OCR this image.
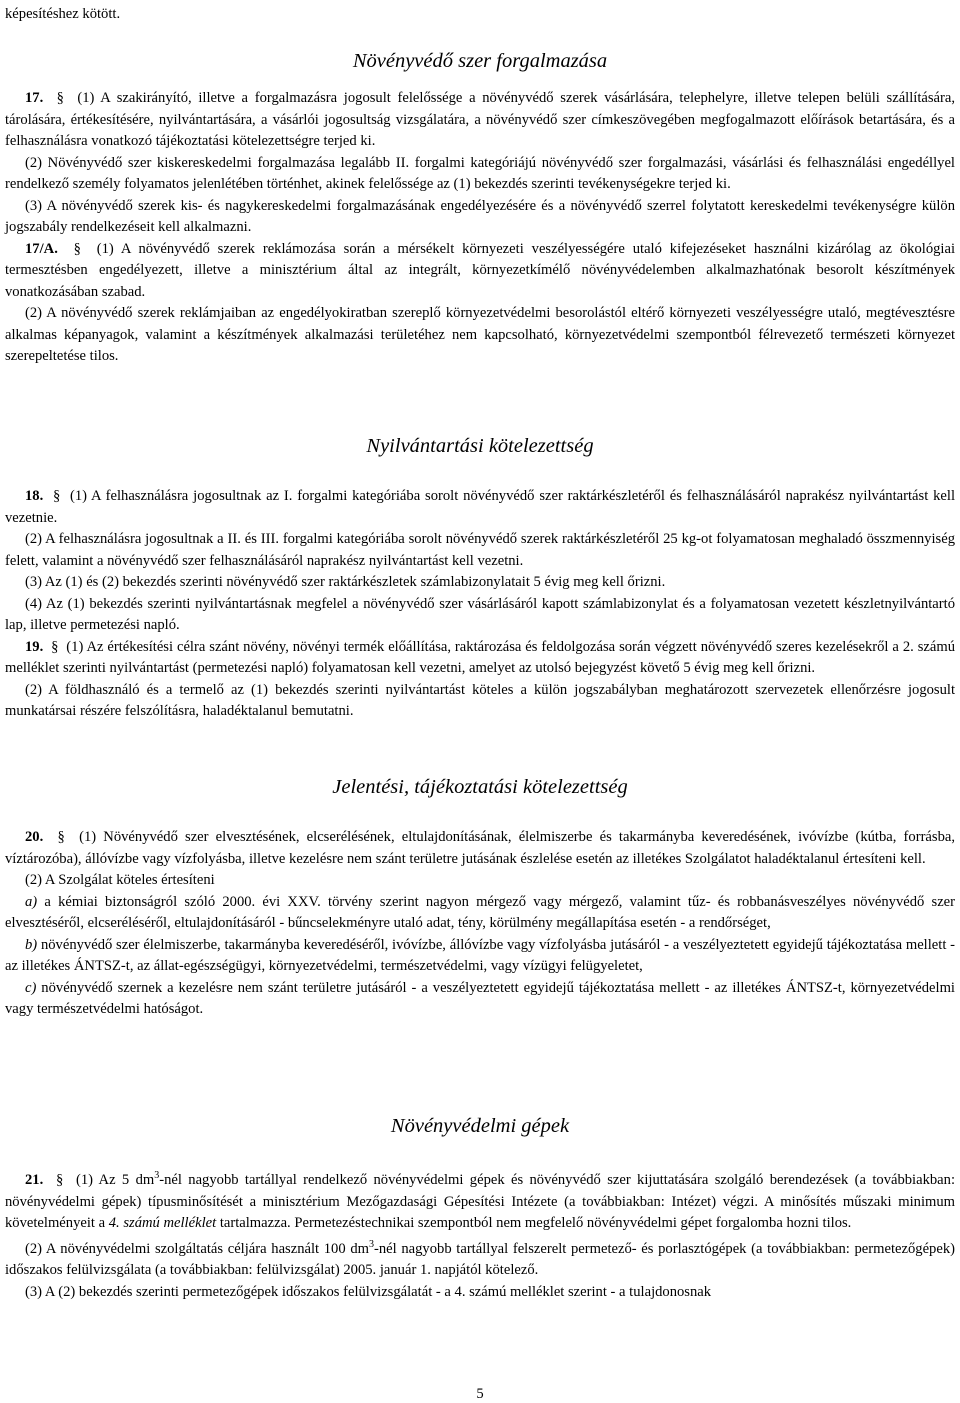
képesítéshez kötött.
Növényvédő szer forgalmazása
17. § (1) A szakirányító, illetve a forgalmazásra jogosult felelőssége a növényvédő szerek vásárlására, telephelyre, illetve telepen belüli szállítására, tárolására, értékesítésére, nyilvántartására, a vásárlói jogosultság vizsgálatára, a növényvédő szer címkeszövegében megfogalmazott előírások betartására, és a felhasználásra vonatkozó tájékoztatási kötelezettségre terjed ki.
(2) Növényvédő szer kiskereskedelmi forgalmazása legalább II. forgalmi kategóriájú növényvédő szer forgalmazási, vásárlási és felhasználási engedéllyel rendelkező személy folyamatos jelenlétében történhet, akinek felelőssége az (1) bekezdés szerinti tevékenységekre terjed ki.
(3) A növényvédő szerek kis- és nagykereskedelmi forgalmazásának engedélyezésére és a növényvédő szerrel folytatott kereskedelmi tevékenységre külön jogszabály rendelkezéseit kell alkalmazni.
17/A. § (1) A növényvédő szerek reklámozása során a mérsékelt környezeti veszélyességére utaló kifejezéseket használni kizárólag az ökológiai termesztésben engedélyezett, illetve a minisztérium által az integrált, környezetkímélő növényvédelemben alkalmazhatónak besorolt készítmények vonatkozásában szabad.
(2) A növényvédő szerek reklámjaiban az engedélyokiratban szereplő környezetvédelmi besorolástól eltérő környezeti veszélyességre utaló, megtévesztésre alkalmas képanyagok, valamint a készítmények alkalmazási területéhez nem kapcsolható, környezetvédelmi szempontból félrevezető természeti környezet szerepeltetése tilos.
Nyilvántartási kötelezettség
18. § (1) A felhasználásra jogosultnak az I. forgalmi kategóriába sorolt növényvédő szer raktárkészletéről és felhasználásáról naprakész nyilvántartást kell vezetnie.
(2) A felhasználásra jogosultnak a II. és III. forgalmi kategóriába sorolt növényvédő szerek raktárkészletéről 25 kg-ot folyamatosan meghaladó összmennyiség felett, valamint a növényvédő szer felhasználásáról naprakész nyilvántartást kell vezetni.
(3) Az (1) és (2) bekezdés szerinti növényvédő szer raktárkészletek számlabizonylatait 5 évig meg kell őrizni.
(4) Az (1) bekezdés szerinti nyilvántartásnak megfelel a növényvédő szer vásárlásáról kapott számlabizonylat és a folyamatosan vezetett készletnyilvántartó lap, illetve permetezési napló.
19. § (1) Az értékesítési célra szánt növény, növényi termék előállítása, raktározása és feldolgozása során végzett növényvédő szeres kezelésekről a 2. számú melléklet szerinti nyilvántartást (permetezési napló) folyamatosan kell vezetni, amelyet az utolsó bejegyzést követő 5 évig meg kell őrizni.
(2) A földhasználó és a termelő az (1) bekezdés szerinti nyilvántartást köteles a külön jogszabályban meghatározott szervezetek ellenőrzésre jogosult munkatársai részére felszólításra, haladéktalanul bemutatni.
Jelentési, tájékoztatási kötelezettség
20. § (1) Növényvédő szer elvesztésének, elcserélésének, eltulajdonításának, élelmiszerbe és takarmányba keveredésének, ivóvízbe (kútba, forrásba, víztározóba), állóvízbe vagy vízfolyásba, illetve kezelésre nem szánt területre jutásának észlelése esetén az illetékes Szolgálatot haladéktalanul értesíteni kell.
(2) A Szolgálat köteles értesíteni
a) a kémiai biztonságról szóló 2000. évi XXV. törvény szerint nagyon mérgező vagy mérgező, valamint tűz- és robbanásveszélyes növényvédő szer elvesztéséről, elcseréléséről, eltulajdonításáról - bűncselekményre utaló adat, tény, körülmény megállapítása esetén - a rendőrséget,
b) növényvédő szer élelmiszerbe, takarmányba keveredéséről, ivóvízbe, állóvízbe vagy vízfolyásba jutásáról - a veszélyeztetett egyidejű tájékoztatása mellett - az illetékes ÁNTSZ-t, az állat-egészségügyi, környezetvédelmi, természetvédelmi, vagy vízügyi felügyeletet,
c) növényvédő szernek a kezelésre nem szánt területre jutásáról - a veszélyeztetett egyidejű tájékoztatása mellett - az illetékes ÁNTSZ-t, környezetvédelmi vagy természetvédelmi hatóságot.
Növényvédelmi gépek
21. § (1) Az 5 $dm^3$-nél nagyobb tartállyal rendelkező növényvédelmi gépek és növényvédő szer kijuttatására szolgáló berendezések (a továbbiakban: növényvédelmi gépek) típusminősítését a minisztérium Mezőgazdasági Gépesítési Intézete (a továbbiakban: Intézet) végzi. A minősítés műszaki minimum követelményeit a 4. számú melléklet tartalmazza. Permetezéstechnikai szempontból nem megfelelő növényvédelmi gépet forgalomba hozni tilos.
(2) A növényvédelmi szolgáltatás céljára használt 100 $dm^3$-nél nagyobb tartállyal felszerelt permetező- és porlasztógépek (a továbbiakban: permetezőgépek) időszakos felülvizsgálata (a továbbiakban: felülvizsgálat) 2005. január 1. napjától kötelező.
(3) A (2) bekezdés szerinti permetezőgépek időszakos felülvizsgálatát - a 4. számú melléklet szerint - a tulajdonosnak
5
